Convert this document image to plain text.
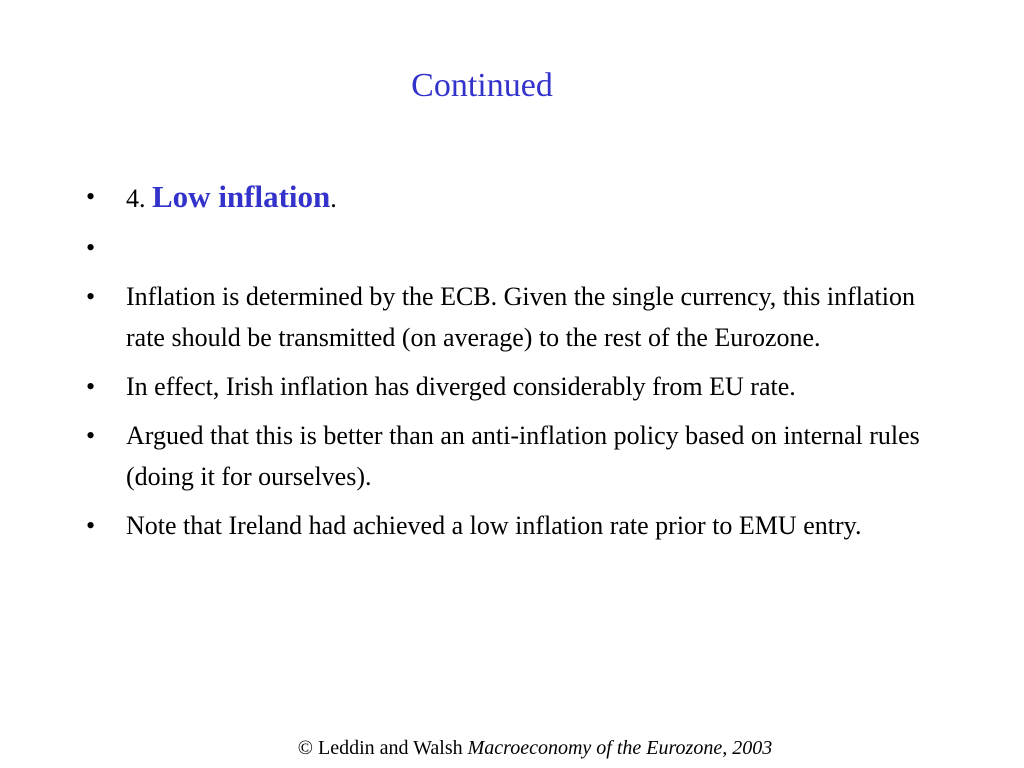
Continued
•	4. Low inflation.
•
•	Inflation is determined by the ECB. Given the single currency, this inflation rate should be transmitted (on average) to the rest of the Eurozone.
•	In effect, Irish inflation has diverged considerably from EU rate.
•	Argued that this is better than an anti-inflation policy based on internal rules (doing it for ourselves).
•	Note that Ireland had achieved a low inflation rate prior to EMU entry.
© Leddin and Walsh Macroeconomy of the Eurozone, 2003
